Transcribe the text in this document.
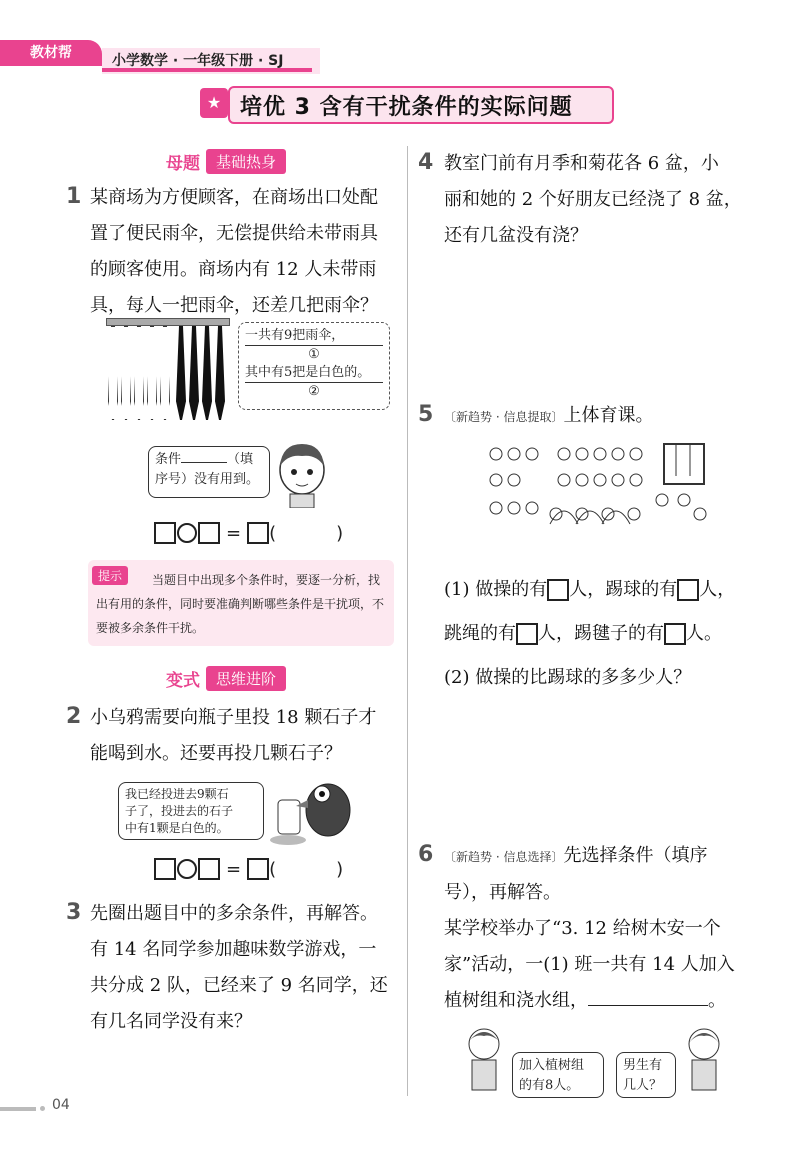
教材帮	小学数学 · 一年级下册 · SJ
★ 培优 3 含有干扰条件的实际问题
母题	基础热身
1 某商场为方便顾客，在商场出口处配
置了便民雨伞，无偿提供给未带雨具
的顾客使用。商场内有 12 人未带雨
具，每人一把雨伞，还差几把雨伞？
一共有9把雨伞，
①
其中有5把是白色的。
②
条件	（填
序号）没有用到。
= (	)
提示	当题目中出现多个条件时，要逐一分析，找出有用的条件，同时要准确判断哪些条件是干扰项，不要被多余条件干扰。
变式	思维进阶
2 小乌鸦需要向瓶子里投 18 颗石子才
能喝到水。还要再投几颗石子？
我已经投进去9颗石
子了，投进去的石子
中有1颗是白色的。
= (	)
3 先圈出题目中的多余条件，再解答。
有 14 名同学参加趣味数学游戏，一
共分成 2 队，已经来了 9 名同学，还
有几名同学没有来？
4 教室门前有月季和菊花各 6 盆，小
丽和她的 2 个好朋友已经浇了 8 盆，
还有几盆没有浇？
5 〔新趋势 · 信息提取〕上体育课。
(1) 做操的有 人，踢球的有 人，
跳绳的有 人，踢毽子的有 人。
(2) 做操的比踢球的多多少人？
6 〔新趋势 · 信息选择〕先选择条件（填序
号），再解答。
某学校举办了“3. 12 给树木安一个
家”活动，一(1) 班一共有 14 人加入
植树组和浇水组，	。
加入植树组
的有8人。
男生有
几人？
04
